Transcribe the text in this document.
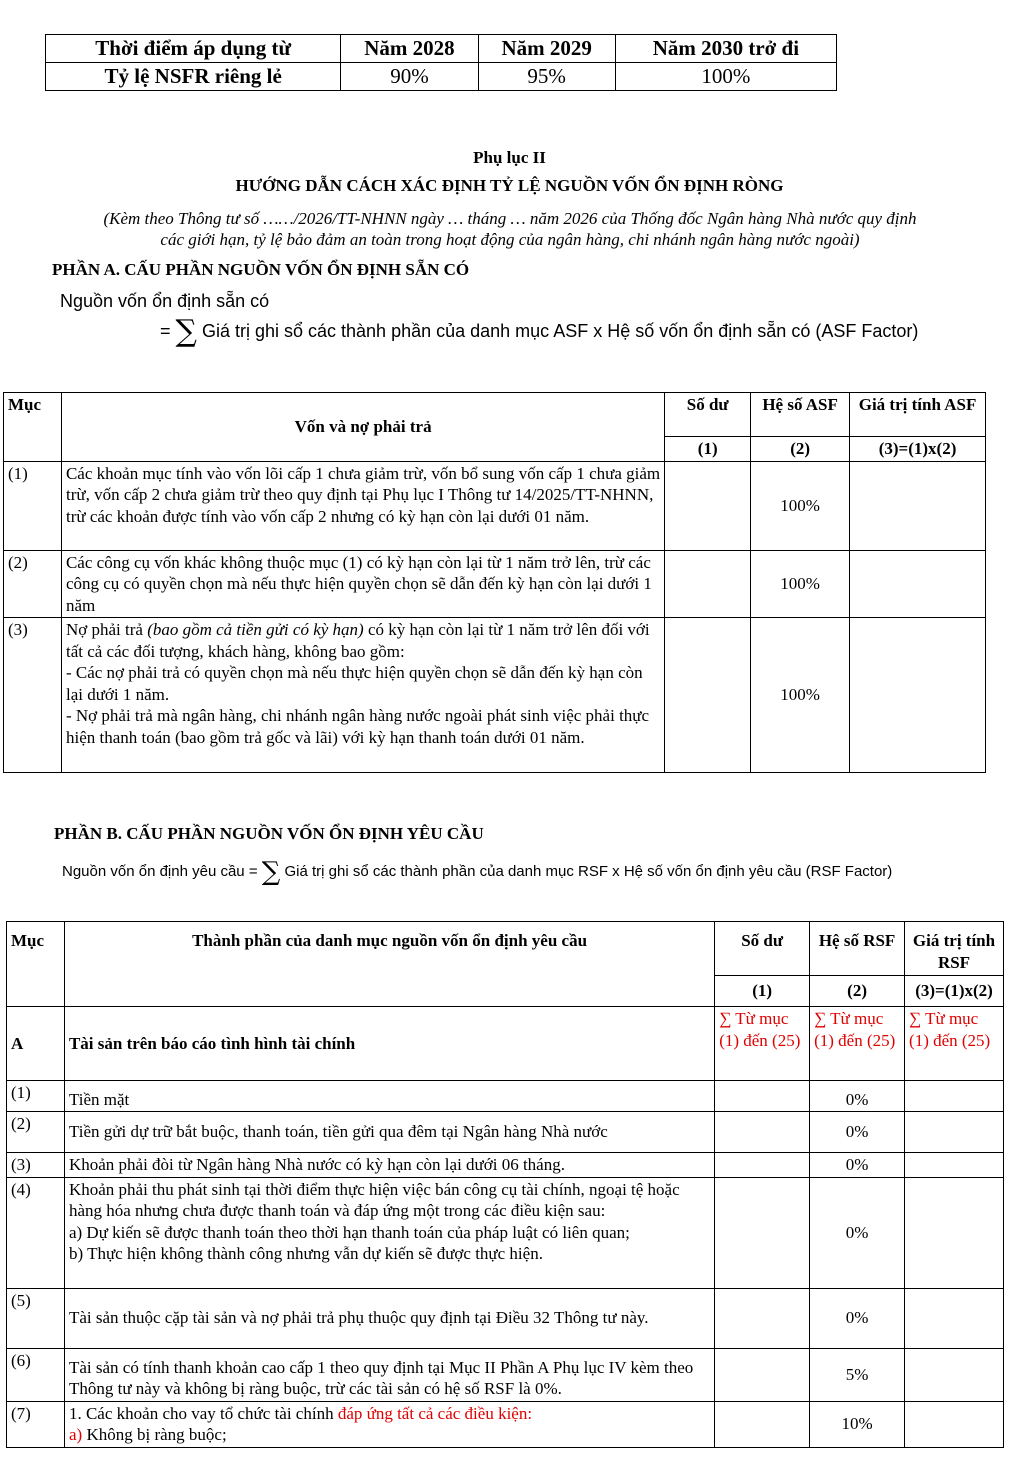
Thời điểm áp dụng từ	Năm 2028	Năm 2029	Năm 2030 trở đi
Tỷ lệ NSFR riêng lẻ	90%	95%	100%
Phụ lục II
HƯỚNG DẪN CÁCH XÁC ĐỊNH TỶ LỆ NGUỒN VỐN ỔN ĐỊNH RÒNG
(Kèm theo Thông tư số ……/2026/TT-NHNN ngày … tháng … năm 2026 của Thống đốc Ngân hàng Nhà nước quy định
các giới hạn, tỷ lệ bảo đảm an toàn trong hoạt động của ngân hàng, chi nhánh ngân hàng nước ngoài)
PHẦN A. CẤU PHẦN NGUỒN VỐN ỔN ĐỊNH SẴN CÓ
Nguồn vốn ổn định sẵn có
= ∑ Giá trị ghi sổ các thành phần của danh mục ASF x Hệ số vốn ổn định sẵn có (ASF Factor)
Mục	Vốn và nợ phải trả	Số dư	Hệ số ASF	Giá trị tính ASF
		(1)	(2)	(3)=(1)x(2)
(1)	Các khoản mục tính vào vốn lõi cấp 1 chưa giảm trừ, vốn bổ sung vốn cấp 1 chưa giảm trừ, vốn cấp 2 chưa giảm trừ theo quy định tại Phụ lục I Thông tư 14/2025/TT-NHNN, trừ các khoản được tính vào vốn cấp 2 nhưng có kỳ hạn còn lại dưới 01 năm.		100%	
(2)	Các công cụ vốn khác không thuộc mục (1) có kỳ hạn còn lại từ 1 năm trở lên, trừ các công cụ có quyền chọn mà nếu thực hiện quyền chọn sẽ dẫn đến kỳ hạn còn lại dưới 1 năm		100%	
(3)	Nợ phải trả (bao gồm cả tiền gửi có kỳ hạn) có kỳ hạn còn lại từ 1 năm trở lên đối với tất cả các đối tượng, khách hàng, không bao gồm:
- Các nợ phải trả có quyền chọn mà nếu thực hiện quyền chọn sẽ dẫn đến kỳ hạn còn lại dưới 1 năm.
- Nợ phải trả mà ngân hàng, chi nhánh ngân hàng nước ngoài phát sinh việc phải thực hiện thanh toán (bao gồm trả gốc và lãi) với kỳ hạn thanh toán dưới 01 năm.		100%	
PHẦN B. CẤU PHẦN NGUỒN VỐN ỔN ĐỊNH YÊU CẦU
Nguồn vốn ổn định yêu cầu = ∑ Giá trị ghi sổ các thành phần của danh mục RSF x Hệ số vốn ổn định yêu cầu (RSF Factor)
Mục	Thành phần của danh mục nguồn vốn ổn định yêu cầu	Số dư	Hệ số RSF	Giá trị tính RSF
		(1)	(2)	(3)=(1)x(2)
A	Tài sản trên báo cáo tình hình tài chính	∑ Từ mục (1) đến (25)	∑ Từ mục (1) đến (25)	∑ Từ mục (1) đến (25)
(1)	Tiền mặt		0%	
(2)	Tiền gửi dự trữ bắt buộc, thanh toán, tiền gửi qua đêm tại Ngân hàng Nhà nước		0%	
(3)	Khoản phải đòi từ Ngân hàng Nhà nước có kỳ hạn còn lại dưới 06 tháng.		0%	
(4)	Khoản phải thu phát sinh tại thời điểm thực hiện việc bán công cụ tài chính, ngoại tệ hoặc hàng hóa nhưng chưa được thanh toán và đáp ứng một trong các điều kiện sau:
a) Dự kiến sẽ được thanh toán theo thời hạn thanh toán của pháp luật có liên quan;
b) Thực hiện không thành công nhưng vẫn dự kiến sẽ được thực hiện.		0%	
(5)	Tài sản thuộc cặp tài sản và nợ phải trả phụ thuộc quy định tại Điều 32 Thông tư này.		0%	
(6)	Tài sản có tính thanh khoản cao cấp 1 theo quy định tại Mục II Phần A Phụ lục IV kèm theo Thông tư này và không bị ràng buộc, trừ các tài sản có hệ số RSF là 0%.		5%	
(7)	1. Các khoản cho vay tổ chức tài chính đáp ứng tất cả các điều kiện:
a) Không bị ràng buộc;		10%	
